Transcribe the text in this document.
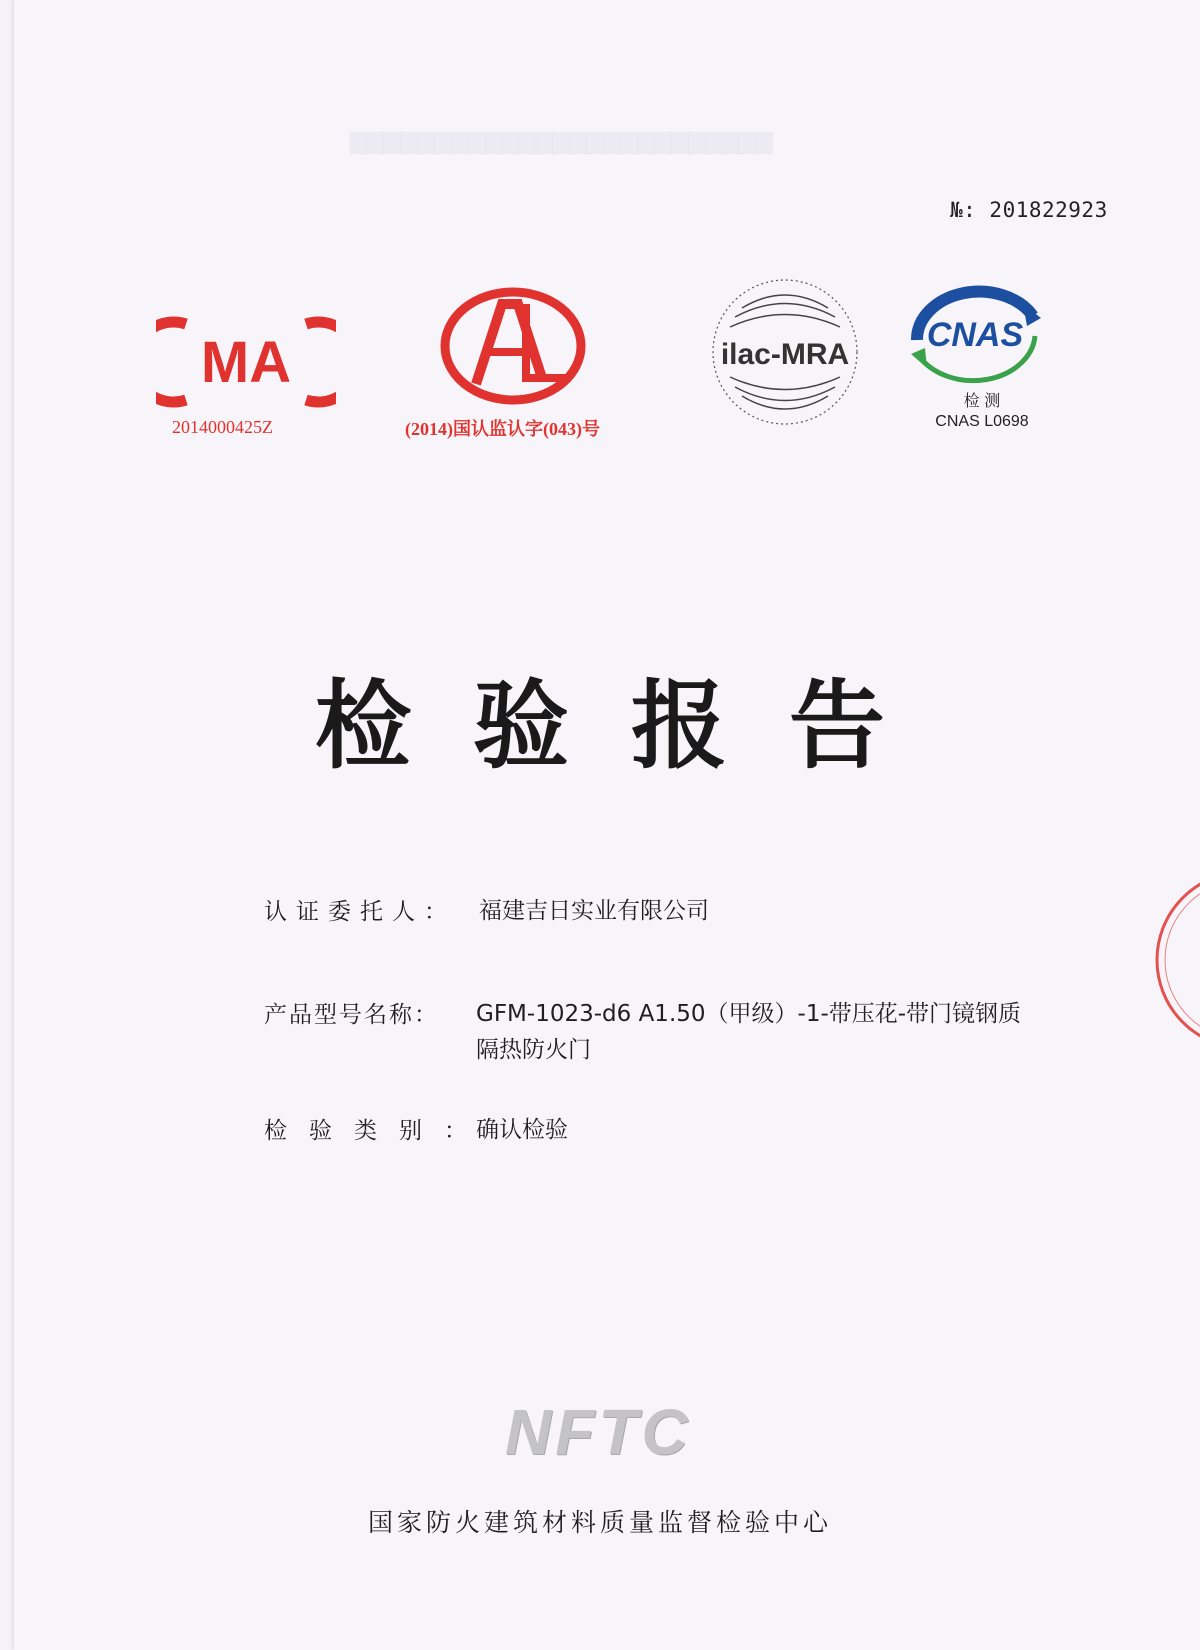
▇▇▇▇▇▇▇▇▇▇▇▇▇▇▇▇▇▇▇▇▇▇▇▇▇
№: 201822923
MA
2014000425Z	(2014)国认监认字(043)号
ilac-MRA
CNAS
检 测
CNAS L0698
检验报告
认证委托人： 福建吉日实业有限公司
产品型号名称：	GFM-1023-d6 A1.50（甲级）-1-带压花-带门镜钢质隔热防火门
检验类别：
确认检验
NFTC
国家防火建筑材料质量监督检验中心
